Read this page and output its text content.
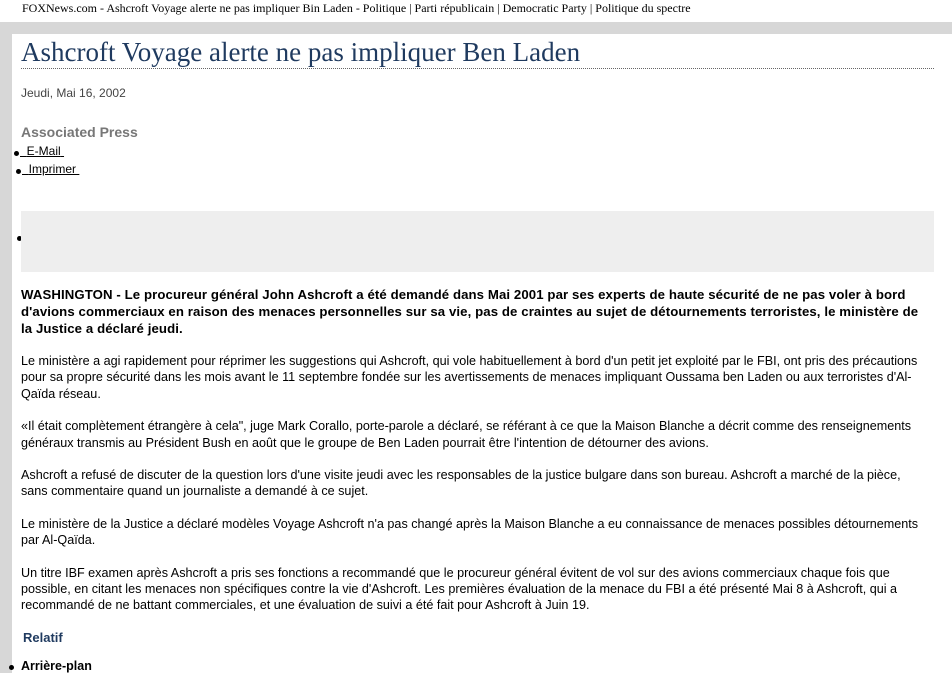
FOXNews.com - Ashcroft Voyage alerte ne pas impliquer Bin Laden - Politique | Parti républicain | Democratic Party | Politique du spectre
Ashcroft Voyage alerte ne pas impliquer Ben Laden
Jeudi, Mai 16, 2002
Associated Press
E-Mail
Imprimer

WASHINGTON - Le procureur général John Ashcroft a été demandé dans Mai 2001 par ses experts de haute sécurité de ne pas voler à bord d'avions commerciaux en raison des menaces personnelles sur sa vie, pas de craintes au sujet de détournements terroristes, le ministère de la Justice a déclaré jeudi.

Le ministère a agi rapidement pour réprimer les suggestions qui Ashcroft, qui vole habituellement à bord d'un petit jet exploité par le FBI, ont pris des précautions pour sa propre sécurité dans les mois avant le 11 septembre fondée sur les avertissements de menaces impliquant Oussama ben Laden ou aux terroristes d'Al-Qaïda réseau.

«Il était complètement étrangère à cela", juge Mark Corallo, porte-parole a déclaré, se référant à ce que la Maison Blanche a décrit comme des renseignements généraux transmis au Président Bush en août que le groupe de Ben Laden pourrait être l'intention de détourner des avions.

Ashcroft a refusé de discuter de la question lors d'une visite jeudi avec les responsables de la justice bulgare dans son bureau. Ashcroft a marché de la pièce, sans commentaire quand un journaliste a demandé à ce sujet.

Le ministère de la Justice a déclaré modèles Voyage Ashcroft n'a pas changé après la Maison Blanche a eu connaissance de menaces possibles détournements par Al-Qaïda.

Un titre IBF examen après Ashcroft a pris ses fonctions a recommandé que le procureur général évitent de vol sur des avions commerciaux chaque fois que possible, en citant les menaces non spécifiques contre la vie d'Ashcroft. Les premières évaluation de la menace du FBI a été présenté Mai 8 à Ashcroft, qui a recommandé de ne battant commerciales, et une évaluation de suivi a été fait pour Ashcroft à Juin 19.

Relatif
Arrière-plan
